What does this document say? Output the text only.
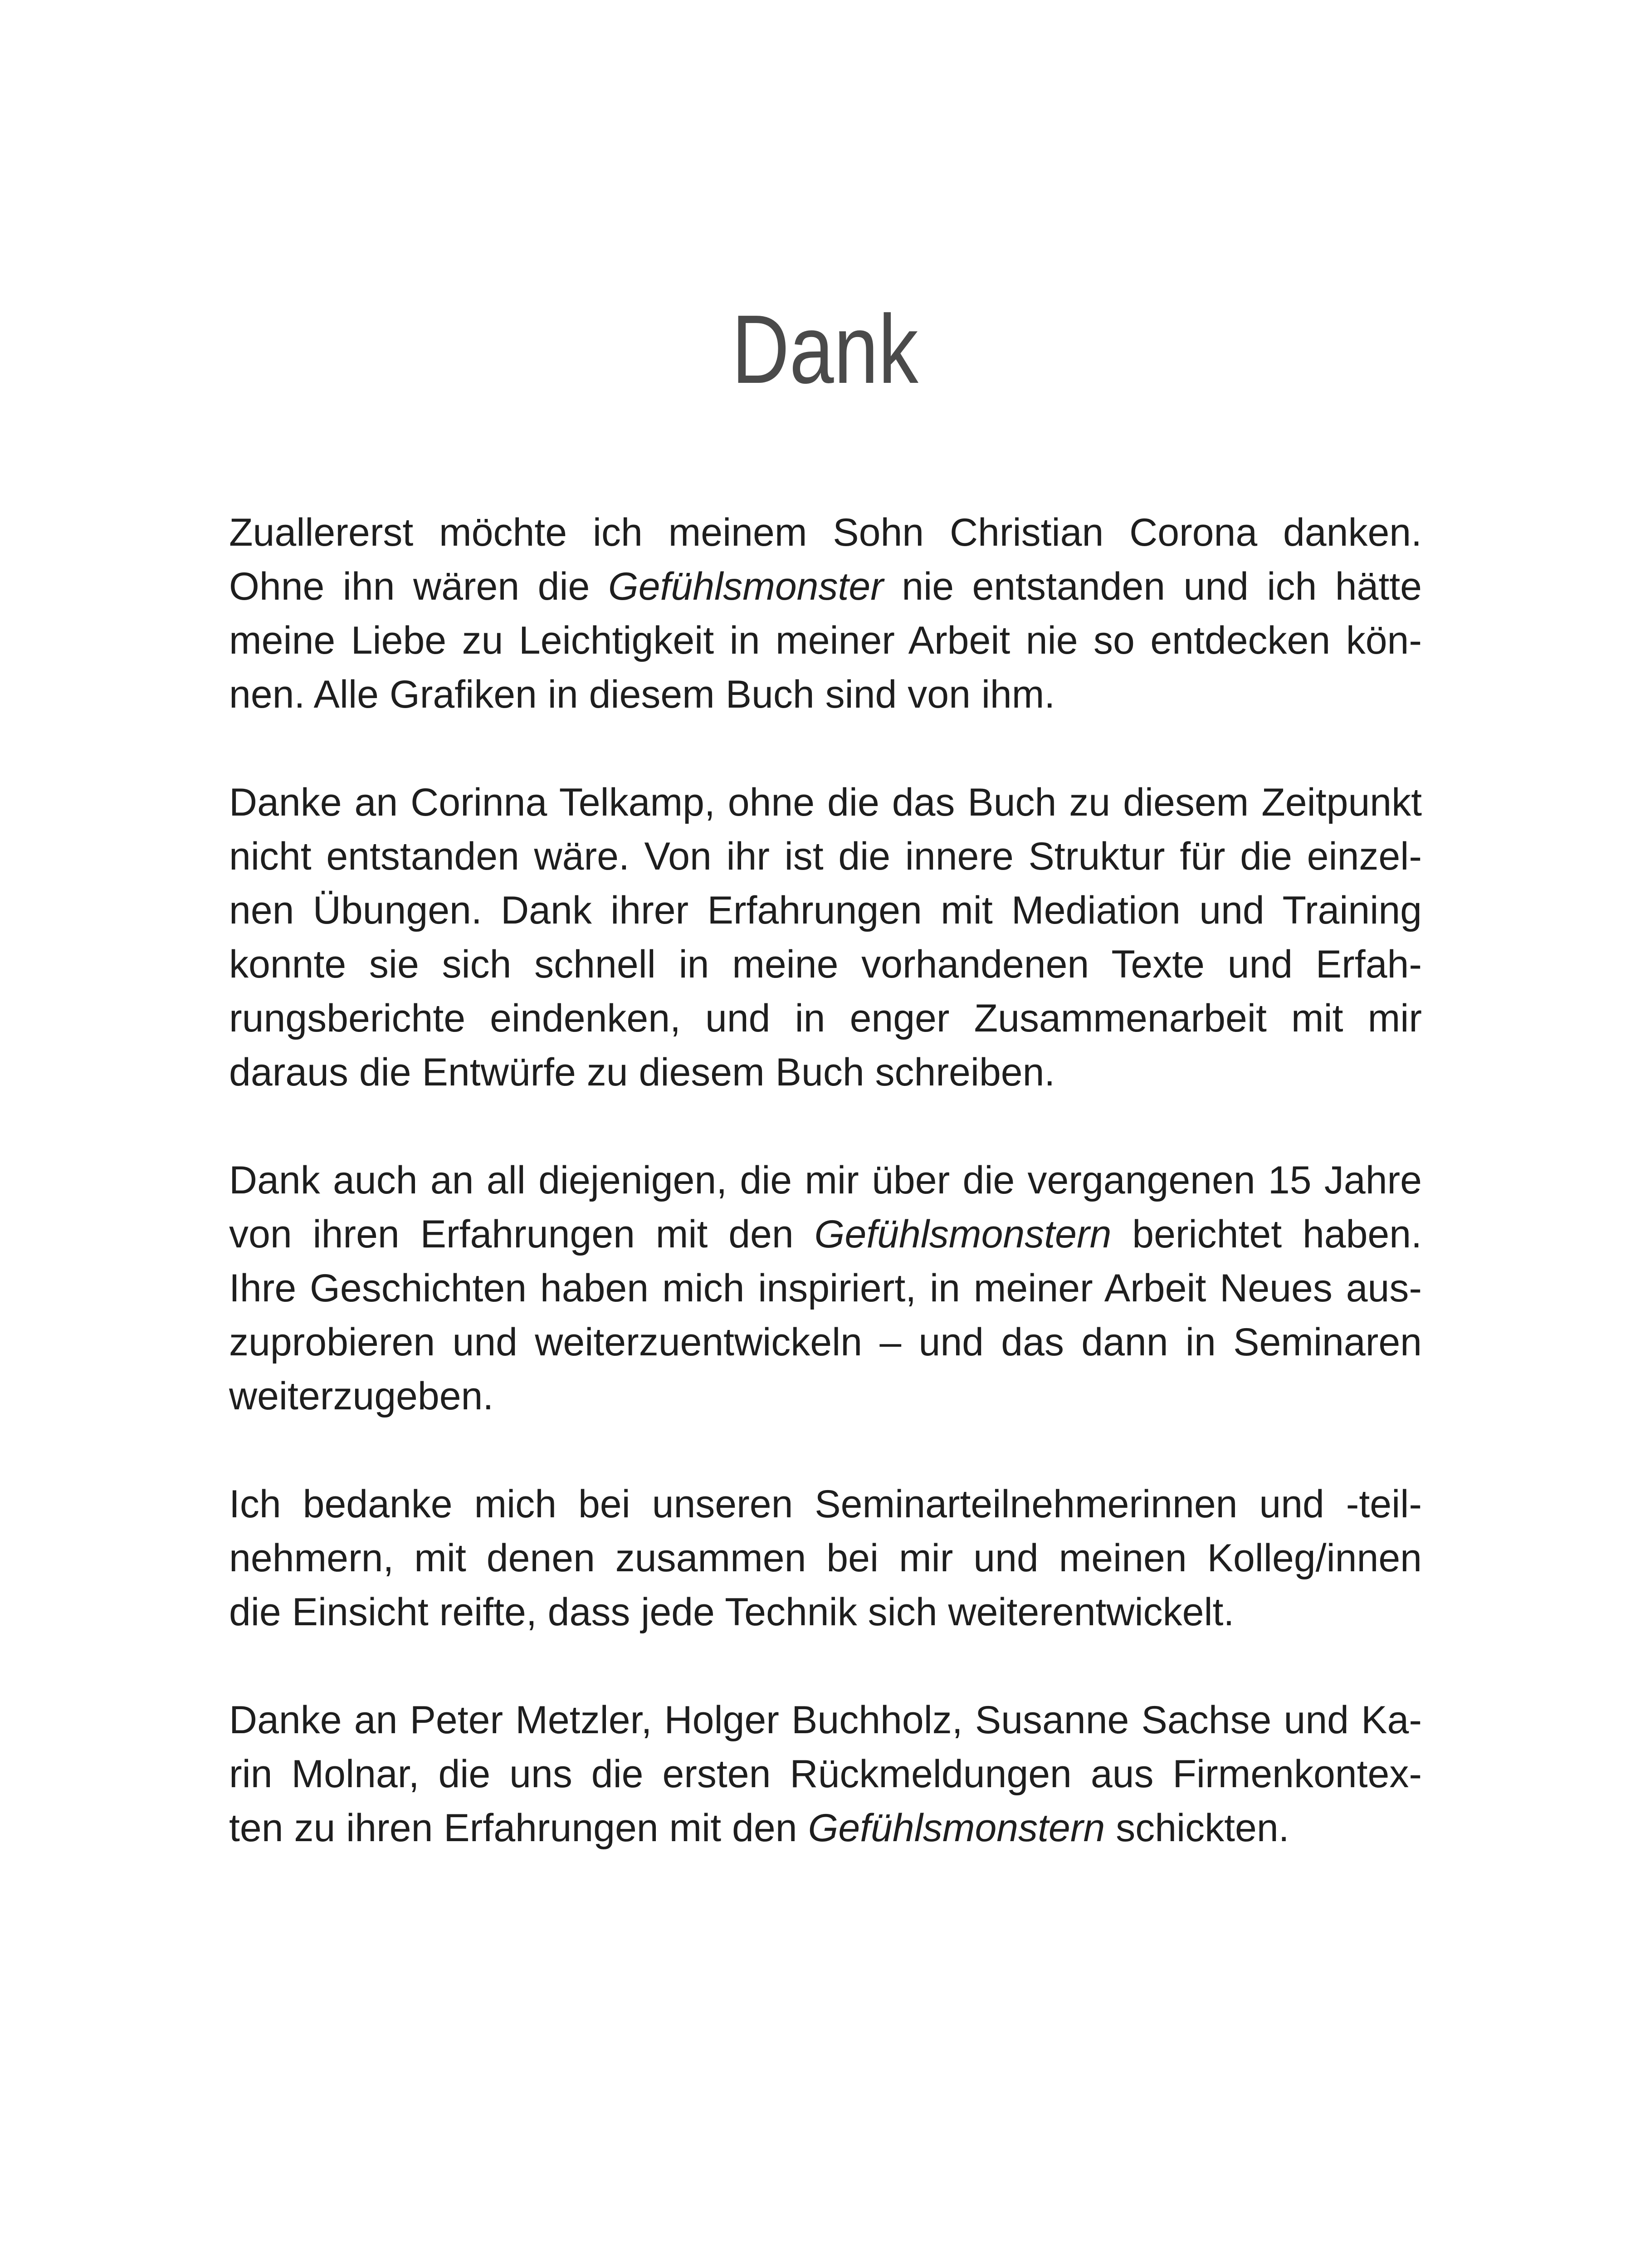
Dank

Zuallererst möchte ich meinem Sohn Christian Corona danken.
Ohne ihn wären die Gefühlsmonster nie entstanden und ich hätte
meine Liebe zu Leichtigkeit in meiner Arbeit nie so entdecken kön-
nen. Alle Grafiken in diesem Buch sind von ihm.

Danke an Corinna Telkamp, ohne die das Buch zu diesem Zeitpunkt
nicht entstanden wäre. Von ihr ist die innere Struktur für die einzel-
nen Übungen. Dank ihrer Erfahrungen mit Mediation und Training
konnte sie sich schnell in meine vorhandenen Texte und Erfah-
rungsberichte eindenken, und in enger Zusammenarbeit mit mir
daraus die Entwürfe zu diesem Buch schreiben.

Dank auch an all diejenigen, die mir über die vergangenen 15 Jahre
von ihren Erfahrungen mit den Gefühlsmonstern berichtet haben.
Ihre Geschichten haben mich inspiriert, in meiner Arbeit Neues aus-
zuprobieren und weiterzuentwickeln – und das dann in Seminaren
weiterzugeben.

Ich bedanke mich bei unseren Seminarteilnehmerinnen und -teil-
nehmern, mit denen zusammen bei mir und meinen Kolleg/innen
die Einsicht reifte, dass jede Technik sich weiterentwickelt.

Danke an Peter Metzler, Holger Buchholz, Susanne Sachse und Ka-
rin Molnar, die uns die ersten Rückmeldungen aus Firmenkontex-
ten zu ihren Erfahrungen mit den Gefühlsmonstern schickten.
